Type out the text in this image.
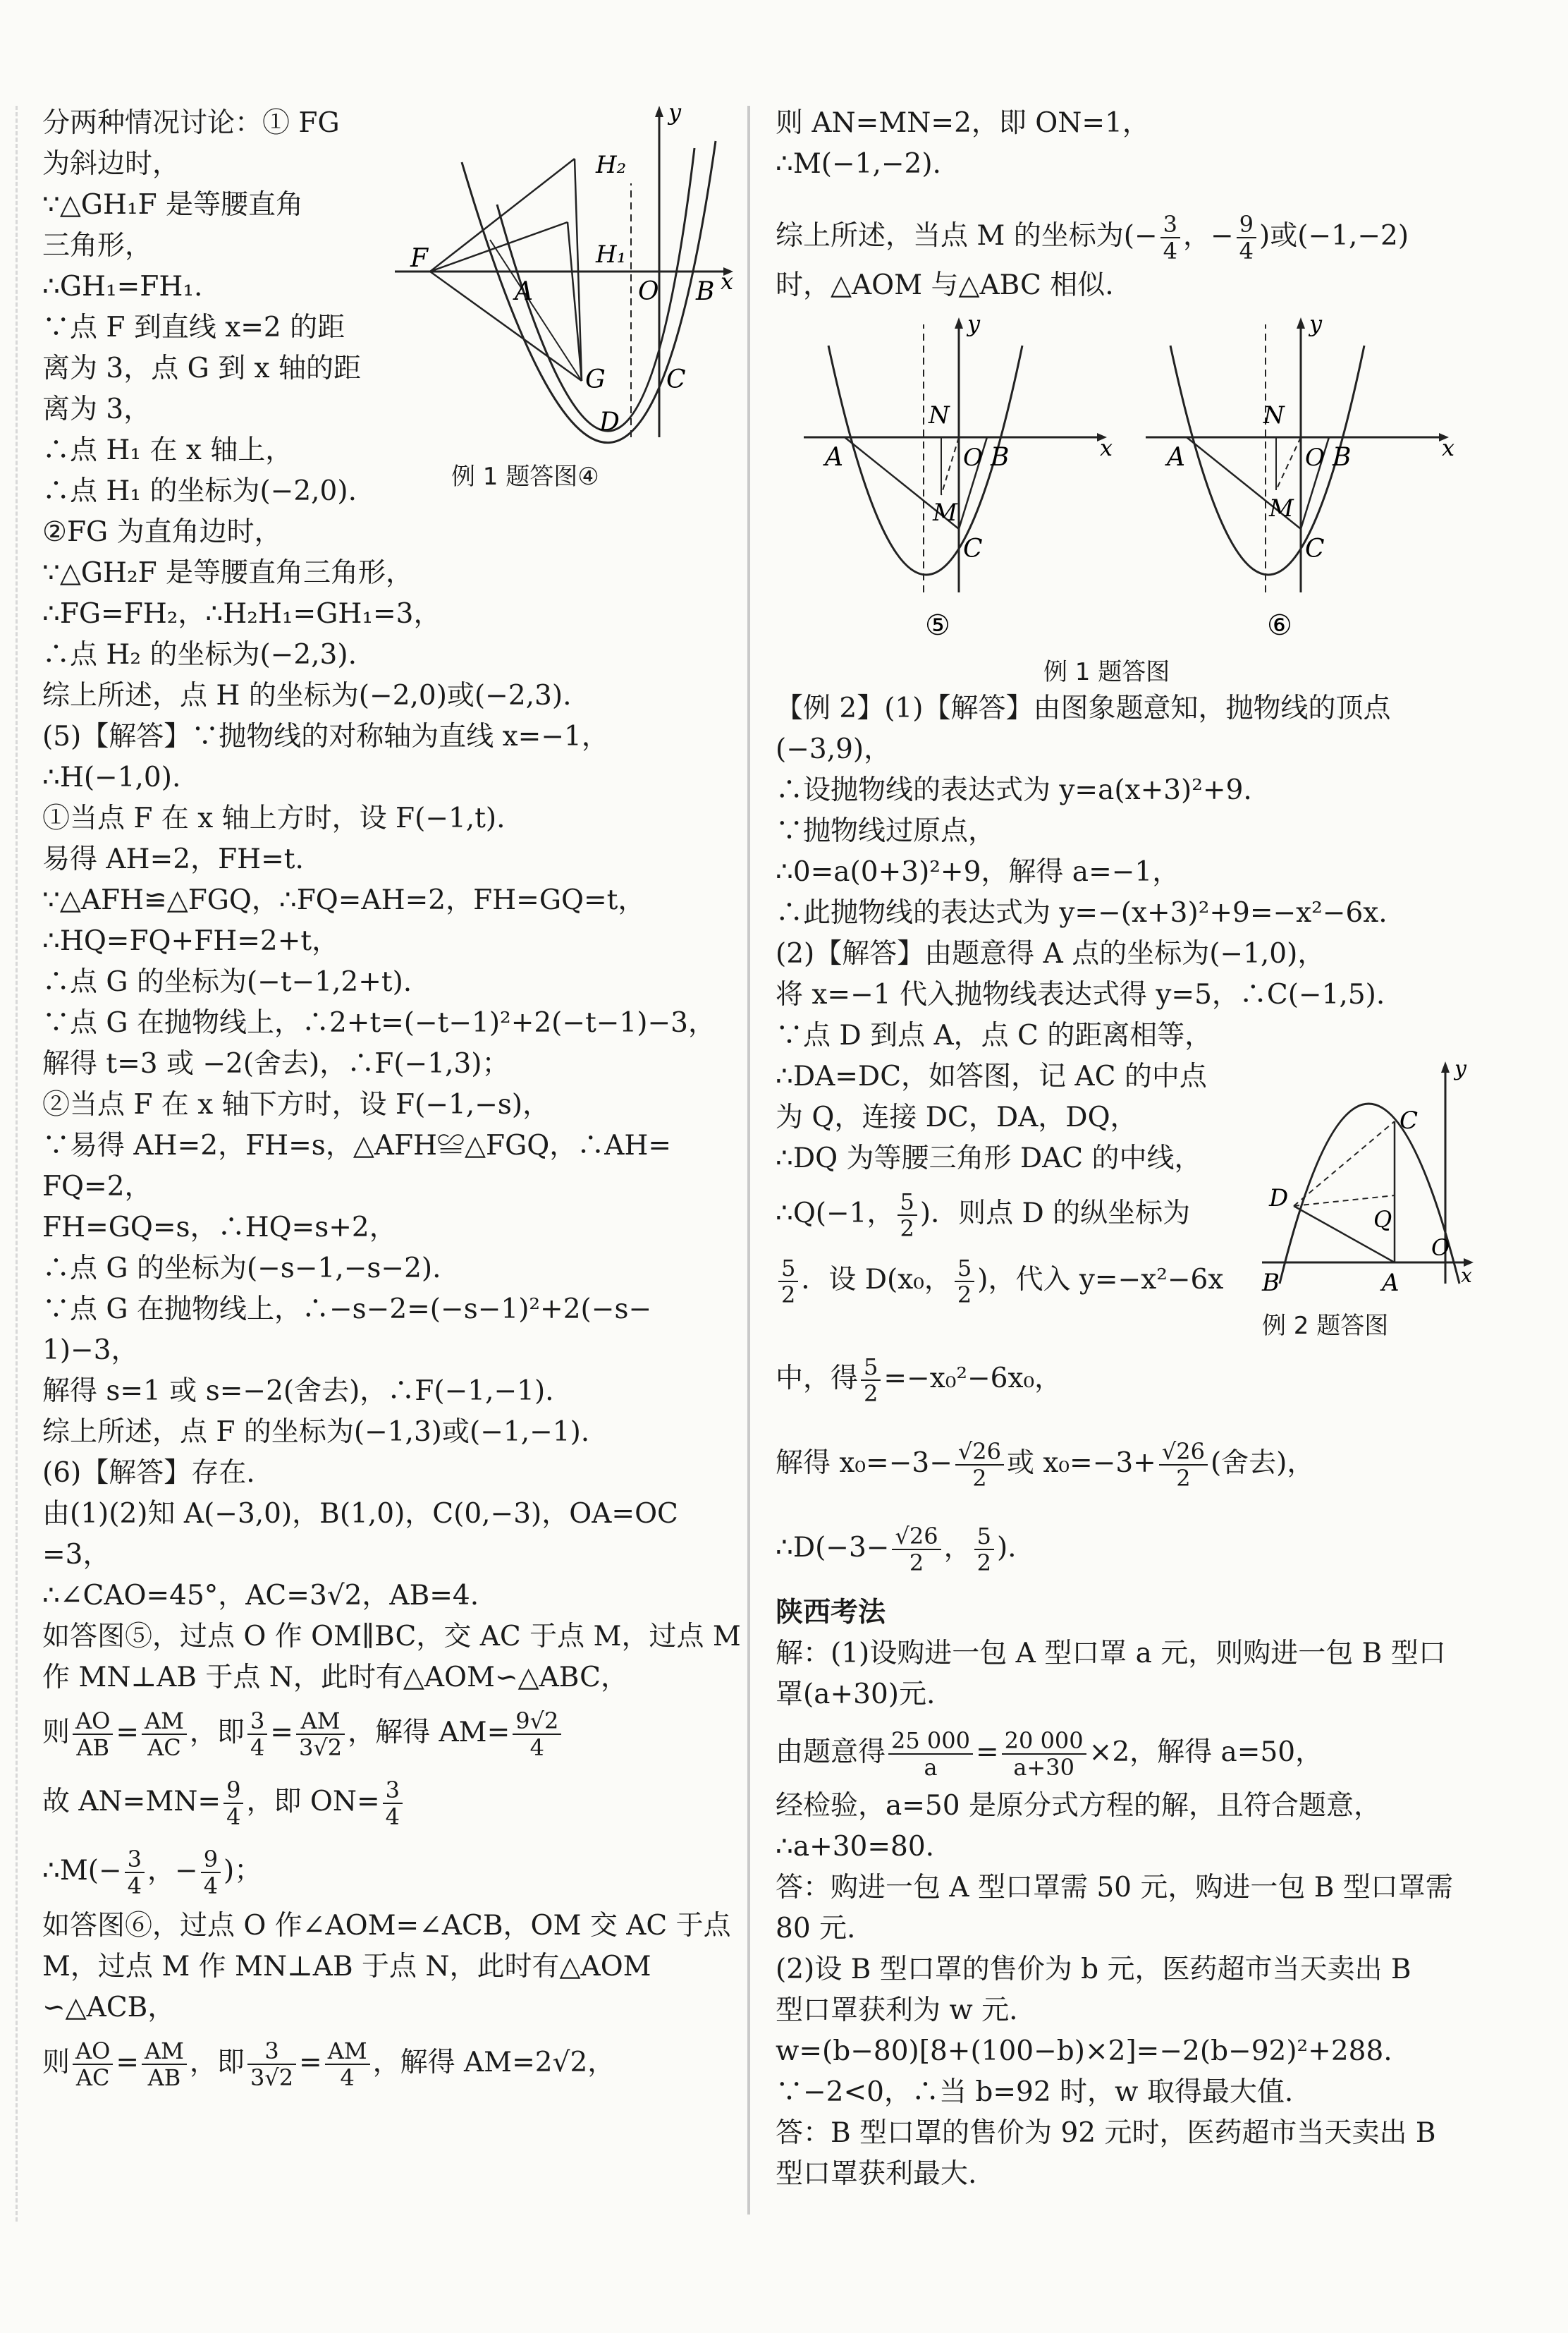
分两种情况讨论：① FG
为斜边时，
∵△GH₁F 是等腰直角
三角形，
∴GH₁=FH₁.
∵点 F 到直线 x=2 的距
离为 3，点 G 到 x 轴的距
离为 3，
∴点 H₁ 在 x 轴上，
∴点 H₁ 的坐标为(−2,0).
F
A	O B x
y
H₂
H₁
G C
D
例 1 题答图④
②FG 为直角边时，
∵△GH₂F 是等腰直角三角形，
∴FG=FH₂，∴H₂H₁=GH₁=3，
∴点 H₂ 的坐标为(−2,3).
综上所述，点 H 的坐标为(−2,0)或(−2,3).
(5)【解答】∵抛物线的对称轴为直线 x=−1，
∴H(−1,0).
①当点 F 在 x 轴上方时，设 F(−1,t).
易得 AH=2，FH=t.
∵△AFH≌△FGQ，∴FQ=AH=2，FH=GQ=t，
∴HQ=FQ+FH=2+t，
∴点 G 的坐标为(−t−1,2+t).
∵点 G 在抛物线上，∴2+t=(−t−1)²+2(−t−1)−3，
解得 t=3 或 −2(舍去)，∴F(−1,3)；
②当点 F 在 x 轴下方时，设 F(−1,−s)，
∵易得 AH=2，FH=s，△AFH≌△FGQ，∴AH=
FQ=2，
FH=GQ=s，∴HQ=s+2，
∴点 G 的坐标为(−s−1,−s−2).
∵点 G 在抛物线上，∴−s−2=(−s−1)²+2(−s−
1)−3，
解得 s=1 或 s=−2(舍去)，∴F(−1,−1).
综上所述，点 F 的坐标为(−1,3)或(−1,−1).
(6)【解答】存在.
由(1)(2)知 A(−3,0)，B(1,0)，C(0,−3)，OA=OC
=3，
∴∠CAO=45°，AC=3√2，AB=4.
如答图⑤，过点 O 作 OM∥BC，交 AC 于点 M，过点 M
作 MN⊥AB 于点 N，此时有△AOM∽△ABC，
则 $\frac{AO}{AB} = \frac{AM}{AC}$ ，即 $\frac{3}{4} = \frac{AM}{3√2}$ ，解得 $AM= \frac{9√2}{4}$
故 $AN=MN= \frac{9}{4}$ ，即 $ON= \frac{3}{4}$
∴M(− $\frac{3}{4}$ ，− $\frac{9}{4}$ )；
如答图⑥，过点 O 作∠AOM=∠ACB，OM 交 AC 于点
M，过点 M 作 MN⊥AB 于点 N，此时有△AOM
∽△ACB，
则 $\frac{AO}{AC} = \frac{AM}{AB}$ ，即 $\frac{3}{3√2} = \frac{AM}{4}$ ，解得 AM=2√2，
则 AN=MN=2，即 ON=1，
∴M(−1,−2).
综上所述，当点 M 的坐标为(− $\frac{3}{4}$ ，− $\frac{9}{4}$ )或(−1,−2)
时，△AOM 与△ABC 相似.
A
N
O B	x
y
M
C
⑤
A
N
O B	x
y
M
C
⑥
例 1 题答图
【例 2】(1)【解答】由图象题意知，抛物线的顶点
(−3,9)，
∴设抛物线的表达式为 y=a(x+3)²+9.
∵抛物线过原点，
∴0=a(0+3)²+9，解得 a=−1，
∴此抛物线的表达式为 y=−(x+3)²+9=−x²−6x.
(2)【解答】由题意得 A 点的坐标为(−1,0)，
将 x=−1 代入抛物线表达式得 y=5，∴C(−1,5).
∵点 D 到点 A，点 C 的距离相等，
∴DA=DC，如答图，记 AC 的中点
为 Q，连接 DC，DA，DQ，
∴DQ 为等腰三角形 DAC 的中线，
∴Q(−1， $\frac{5}{2}$ )．则点 D 的纵坐标为
$\frac{5}{2}$ ．设 D(x₀， $\frac{5}{2}$ )，代入 y=−x²−6x
y
C
D
Q
O
B	A	x
例 2 题答图
中，得 $\frac{5}{2} =-x_0^2-6x_0$，
解得 $x_0=-3- \frac{√26}{2}$ 或 $x_0=-3+ \frac{√26}{2}$ (舍去)，
∴D(−3− $\frac{√26}{2}$ ， $\frac{5}{2}$ ).
陕西考法
解：(1)设购进一包 A 型口罩 a 元，则购进一包 B 型口
罩(a+30)元.
由题意得 $\frac{25 000}{a} = \frac{20 000}{a+30} \times 2$，解得 a=50，
经检验，a=50 是原分式方程的解，且符合题意，
∴a+30=80.
答：购进一包 A 型口罩需 50 元，购进一包 B 型口罩需
80 元.
(2)设 B 型口罩的售价为 b 元，医药超市当天卖出 B
型口罩获利为 w 元.
w=(b−80)[8+(100−b)×2]=−2(b−92)²+288.
∵−2<0，∴当 b=92 时，w 取得最大值.
答：B 型口罩的售价为 92 元时，医药超市当天卖出 B
型口罩获利最大.
